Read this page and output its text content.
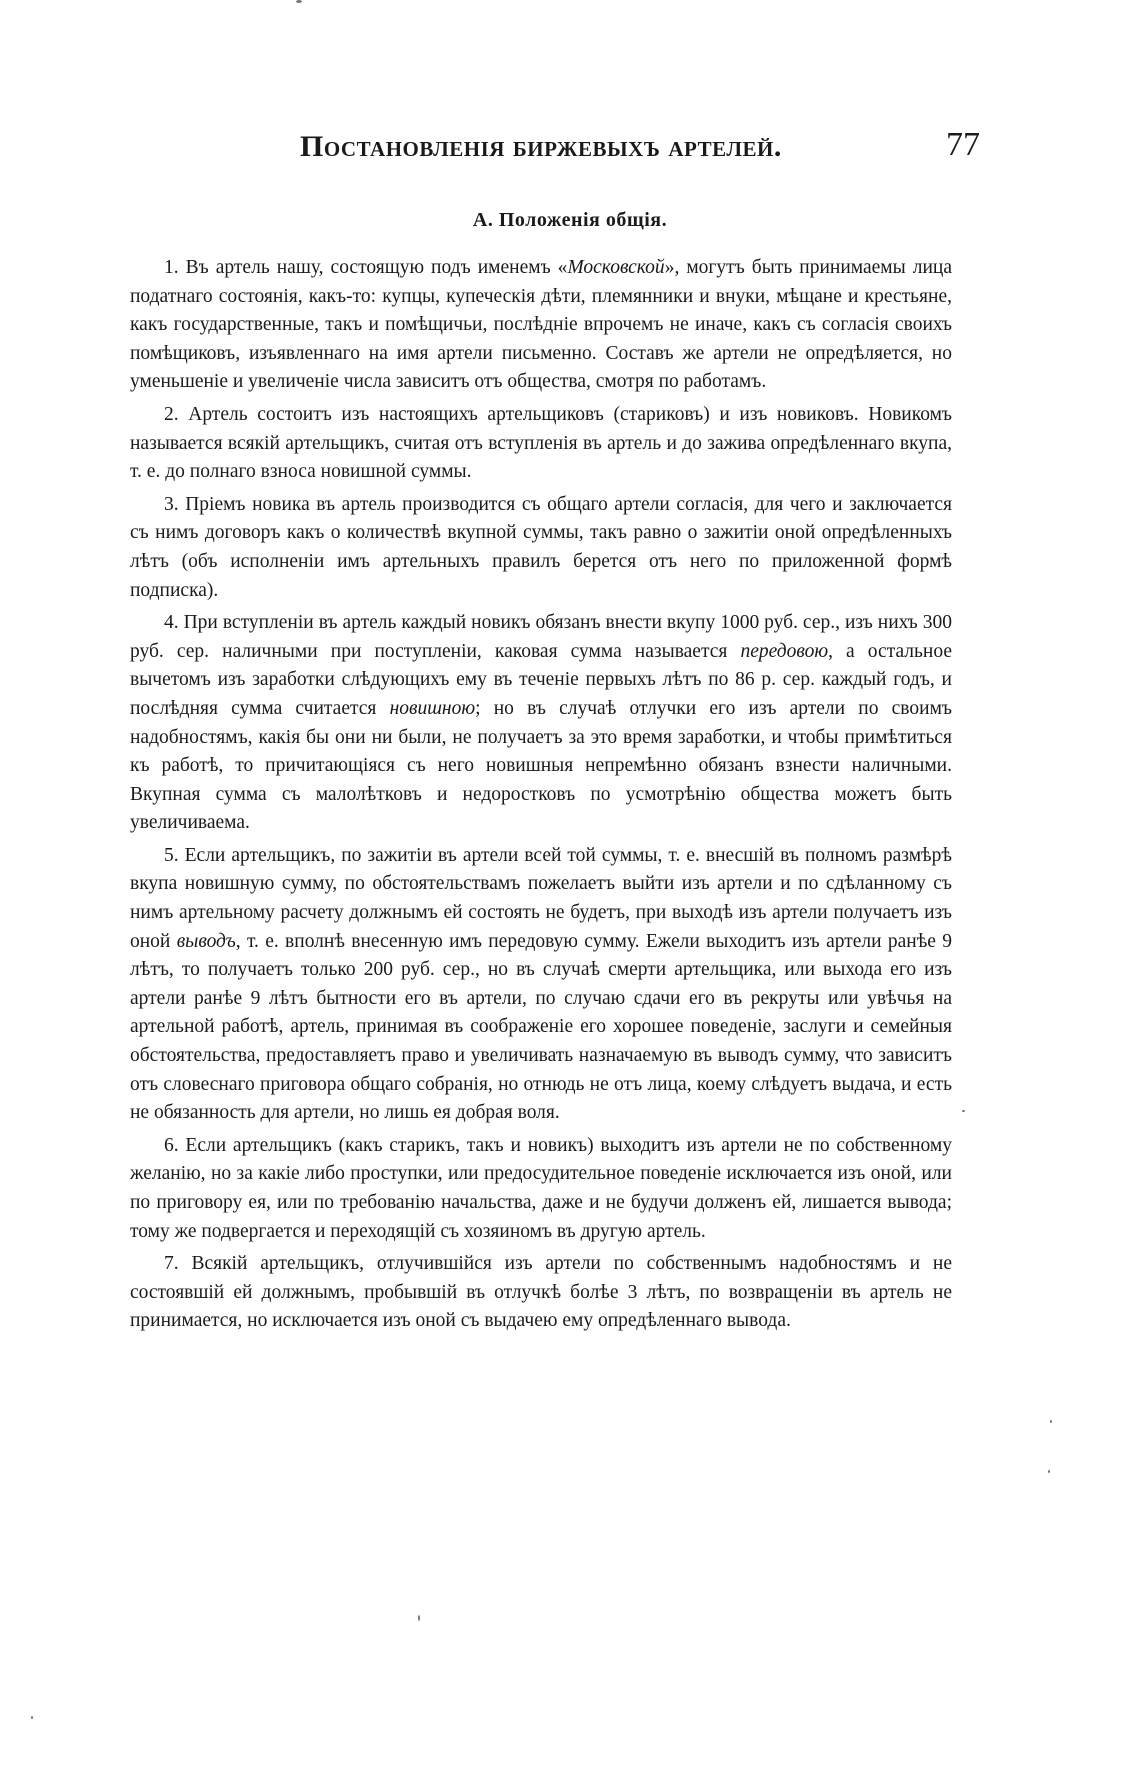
Постановленія биржевыхъ артелей.	77
А. Положенія общія.

1. Въ артель нашу, состоящую подъ именемъ «Московской», могутъ быть принимаемы лица податнаго состоянія, какъ-то: купцы, купеческія дѣти, племянники и внуки, мѣщане и крестьяне, какъ государственные, такъ и помѣщичьи, послѣдніе впрочемъ не иначе, какъ съ согласія своихъ помѣщиковъ, изъявленнаго на имя артели письменно. Составъ же артели не опредѣляется, но уменьшеніе и увеличеніе числа зависитъ отъ общества, смотря по работамъ.

2. Артель состоитъ изъ настоящихъ артельщиковъ (стариковъ) и изъ новиковъ. Новикомъ называется всякій артельщикъ, считая отъ вступленія въ артель и до зажива опредѣленнаго вкупа, т. е. до полнаго взноса новишной суммы.

3. Пріемъ новика въ артель производится съ общаго артели согласія, для чего и заключается съ нимъ договоръ какъ о количествѣ вкупной суммы, такъ равно о зажитіи оной опредѣленныхъ лѣтъ (объ исполненіи имъ артельныхъ правилъ берется отъ него по приложенной формѣ подписка).

4. При вступленіи въ артель каждый новикъ обязанъ внести вкупу 1000 руб. сер., изъ нихъ 300 руб. сер. наличными при поступленіи, каковая сумма называется передовою, а остальное вычетомъ изъ заработки слѣдующихъ ему въ теченіе первыхъ лѣтъ по 86 р. сер. каждый годъ, и послѣдняя сумма считается новишною; но въ случаѣ отлучки его изъ артели по своимъ надобностямъ, какія бы они ни были, не получаетъ за это время заработки, и чтобы примѣтиться къ работѣ, то причитающіяся съ него новишныя непремѣнно обязанъ взнести наличными. Вкупная сумма съ малолѣтковъ и недоростковъ по усмотрѣнію общества можетъ быть увеличиваема.

5. Если артельщикъ, по зажитіи въ артели всей той суммы, т. е. внесшій въ полномъ размѣрѣ вкупа новишную сумму, по обстоятельствамъ пожелаетъ выйти изъ артели и по сдѣланному съ нимъ артельному расчету должнымъ ей состоять не будетъ, при выходѣ изъ артели получаетъ изъ оной выводъ, т. е. вполнѣ внесенную имъ передовую сумму. Ежели выходитъ изъ артели ранѣе 9 лѣтъ, то получаетъ только 200 руб. сер., но въ случаѣ смерти артельщика, или выхода его изъ артели ранѣе 9 лѣтъ бытности его въ артели, по случаю сдачи его въ рекруты или увѣчья на артельной работѣ, артель, принимая въ соображеніе его хорошее поведеніе, заслуги и семейныя обстоятельства, предоставляетъ право и увеличивать назначаемую въ выводъ сумму, что зависитъ отъ словеснаго приговора общаго собранія, но отнюдь не отъ лица, коему слѣдуетъ выдача, и есть не обязанность для артели, но лишь ея добрая воля.

6. Если артельщикъ (какъ старикъ, такъ и новикъ) выходитъ изъ артели не по собственному желанію, но за какіе либо проступки, или предосудительное поведеніе исключается изъ оной, или по приговору ея, или по требованію начальства, даже и не будучи долженъ ей, лишается вывода; тому же подвергается и переходящій съ хозяиномъ въ другую артель.

7. Всякій артельщикъ, отлучившійся изъ артели по собственнымъ надобностямъ и не состоявшій ей должнымъ, пробывшій въ отлучкѣ болѣе 3 лѣтъ, по возвращеніи въ артель не принимается, но исключается изъ оной съ выдачею ему опредѣленнаго вывода.
